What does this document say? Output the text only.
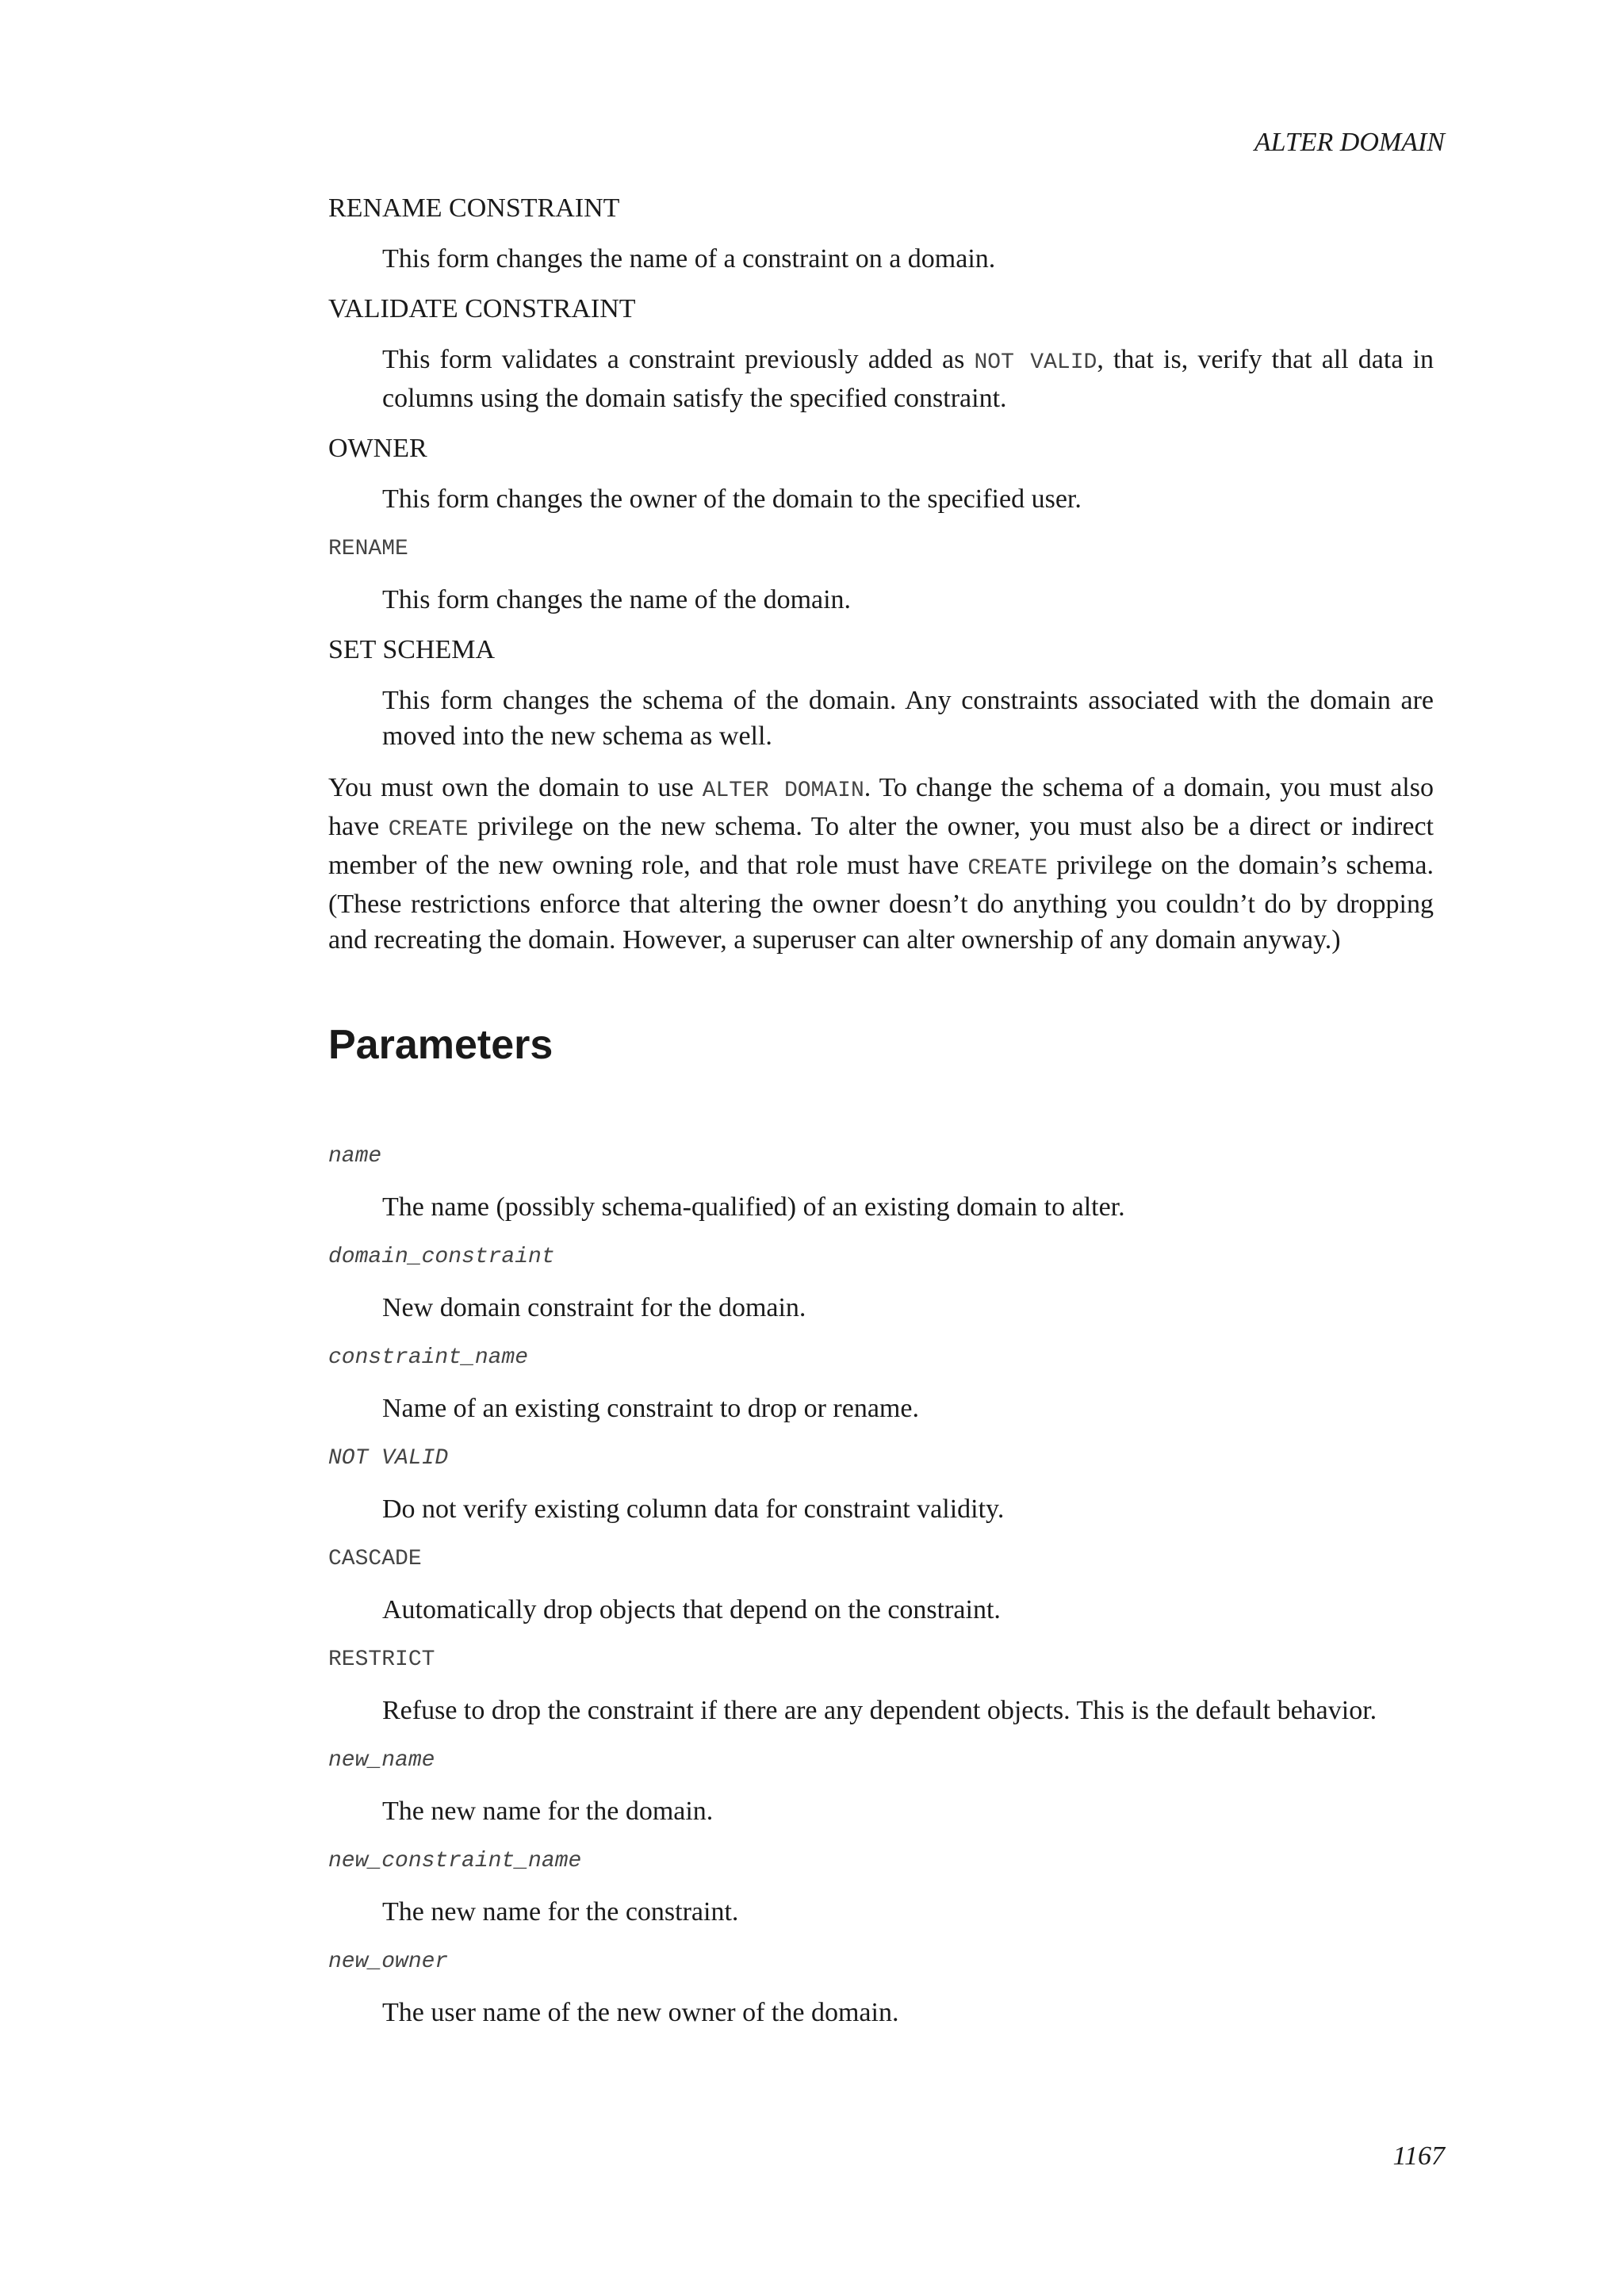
ALTER DOMAIN
RENAME CONSTRAINT
This form changes the name of a constraint on a domain.
VALIDATE CONSTRAINT
This form validates a constraint previously added as NOT VALID, that is, verify that all data in columns using the domain satisfy the specified constraint.
OWNER
This form changes the owner of the domain to the specified user.
RENAME
This form changes the name of the domain.
SET SCHEMA
This form changes the schema of the domain. Any constraints associated with the domain are moved into the new schema as well.

You must own the domain to use ALTER DOMAIN. To change the schema of a domain, you must also have CREATE privilege on the new schema. To alter the owner, you must also be a direct or indirect member of the new owning role, and that role must have CREATE privilege on the domain’s schema. (These restrictions enforce that altering the owner doesn’t do anything you couldn’t do by dropping and recreating the domain. However, a superuser can alter ownership of any domain anyway.)

Parameters
name
The name (possibly schema-qualified) of an existing domain to alter.
domain_constraint
New domain constraint for the domain.
constraint_name
Name of an existing constraint to drop or rename.
NOT VALID
Do not verify existing column data for constraint validity.
CASCADE
Automatically drop objects that depend on the constraint.
RESTRICT
Refuse to drop the constraint if there are any dependent objects. This is the default behavior.
new_name
The new name for the domain.
new_constraint_name
The new name for the constraint.
new_owner
The user name of the new owner of the domain.
1167
